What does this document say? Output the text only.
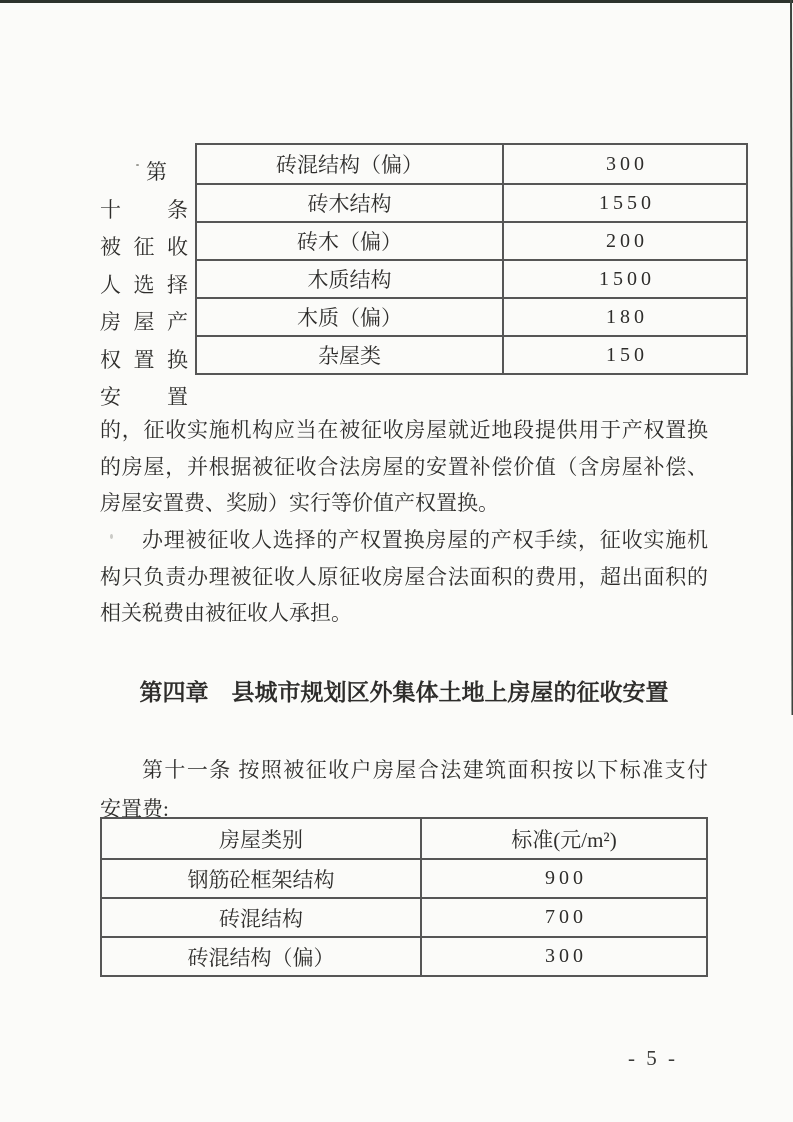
第
十条
被征收
人选择
房屋产
权置换
安置
砖混结构（偏）	300
砖木结构	1550
砖木（偏）	200
木质结构	1500
木质（偏）	180
杂屋类	150
的，征收实施机构应当在被征收房屋就近地段提供用于产权置换
的房屋，并根据被征收合法房屋的安置补偿价值（含房屋补偿、
房屋安置费、奖励）实行等价值产权置换。
办理被征收人选择的产权置换房屋的产权手续，征收实施机
构只负责办理被征收人原征收房屋合法面积的费用，超出面积的
相关税费由被征收人承担。
第四章　县城市规划区外集体土地上房屋的征收安置
第十一条 按照被征收户房屋合法建筑面积按以下标准支付
安置费:
房屋类别	标准(元/m²)
钢筋砼框架结构	900
砖混结构	700
砖混结构（偏）	300
- 5 -
